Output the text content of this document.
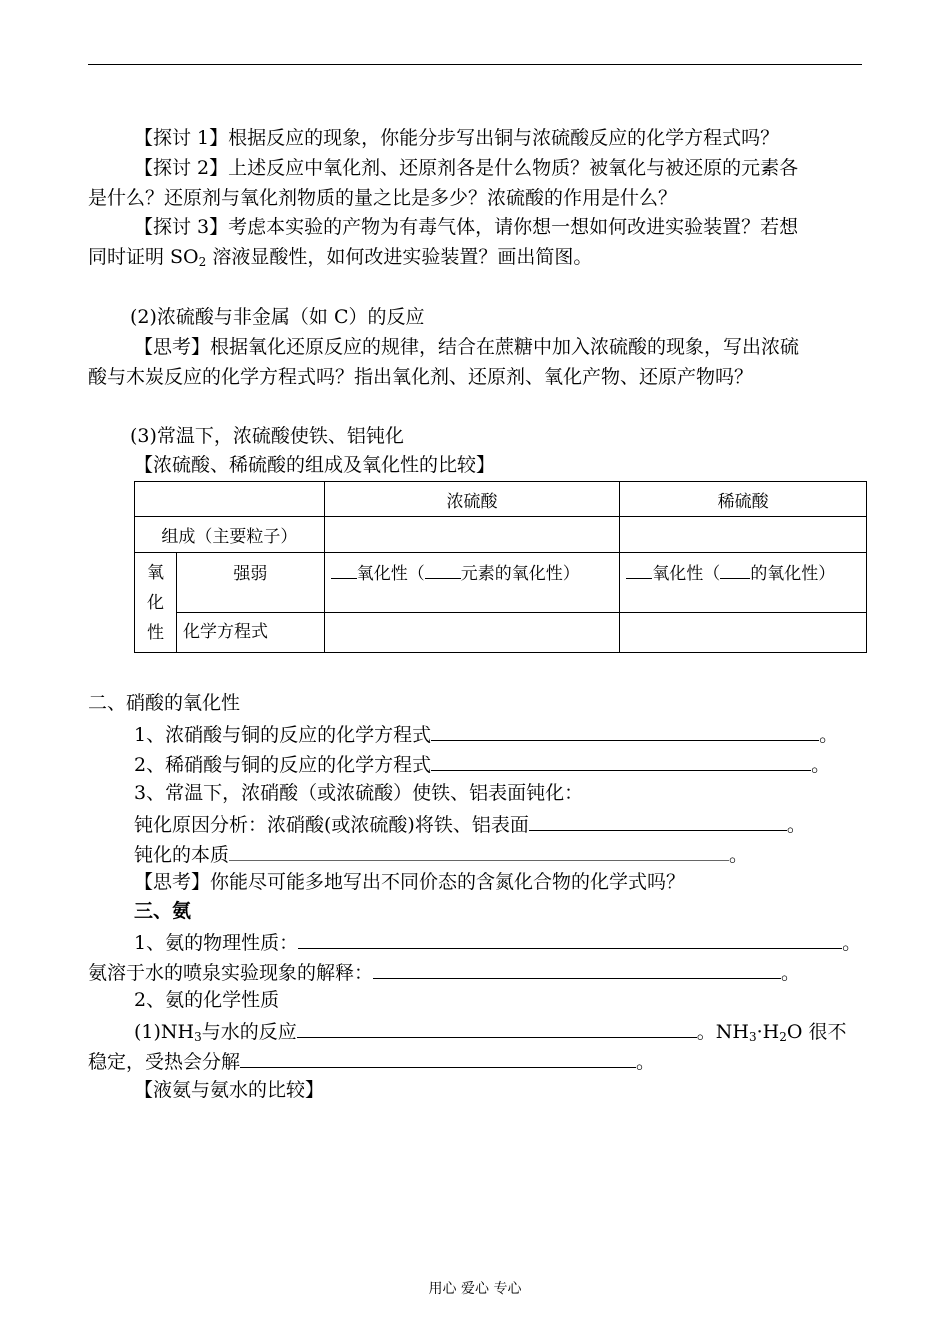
【探讨 1】根据反应的现象，你能分步写出铜与浓硫酸反应的化学方程式吗？
【探讨 2】上述反应中氧化剂、还原剂各是什么物质？被氧化与被还原的元素各
是什么？还原剂与氧化剂物质的量之比是多少？浓硫酸的作用是什么？
【探讨 3】考虑本实验的产物为有毒气体，请你想一想如何改进实验装置？若想
同时证明 $SO_2$ 溶液显酸性，如何改进实验装置？画出简图。
(2)浓硫酸与非金属（如 C）的反应
【思考】根据氧化还原反应的规律，结合在蔗糖中加入浓硫酸的现象，写出浓硫
酸与木炭反应的化学方程式吗？指出氧化剂、还原剂、氧化产物、还原产物吗？
(3)常温下，浓硫酸使铁、铝钝化
【浓硫酸、稀硫酸的组成及氧化性的比较】
		浓硫酸	稀硫酸
组成（主要粒子）			

氧
化
性	强弱	氧化性（ 元素的氧化性）	氧化性（ 的氧化性）
	化学方程式		
二、硝酸的氧化性
1、浓硝酸与铜的反应的化学方程式	。
2、稀硝酸与铜的反应的化学方程式	。
3、常温下，浓硝酸（或浓硫酸）使铁、铝表面钝化：
钝化原因分析：浓硝酸(或浓硫酸)将铁、铝表面	。
钝化的本质	。
【思考】你能尽可能多地写出不同价态的含氮化合物的化学式吗？
三、氨
1、氨的物理性质：	。
氨溶于水的喷泉实验现象的解释：	。
2、氨的化学性质
$(1)NH_3$与水的反应	。$NH_3\cdot H_2O$ 很不
稳定，受热会分解	。
【液氨与氨水的比较】
用心 爱心 专心
